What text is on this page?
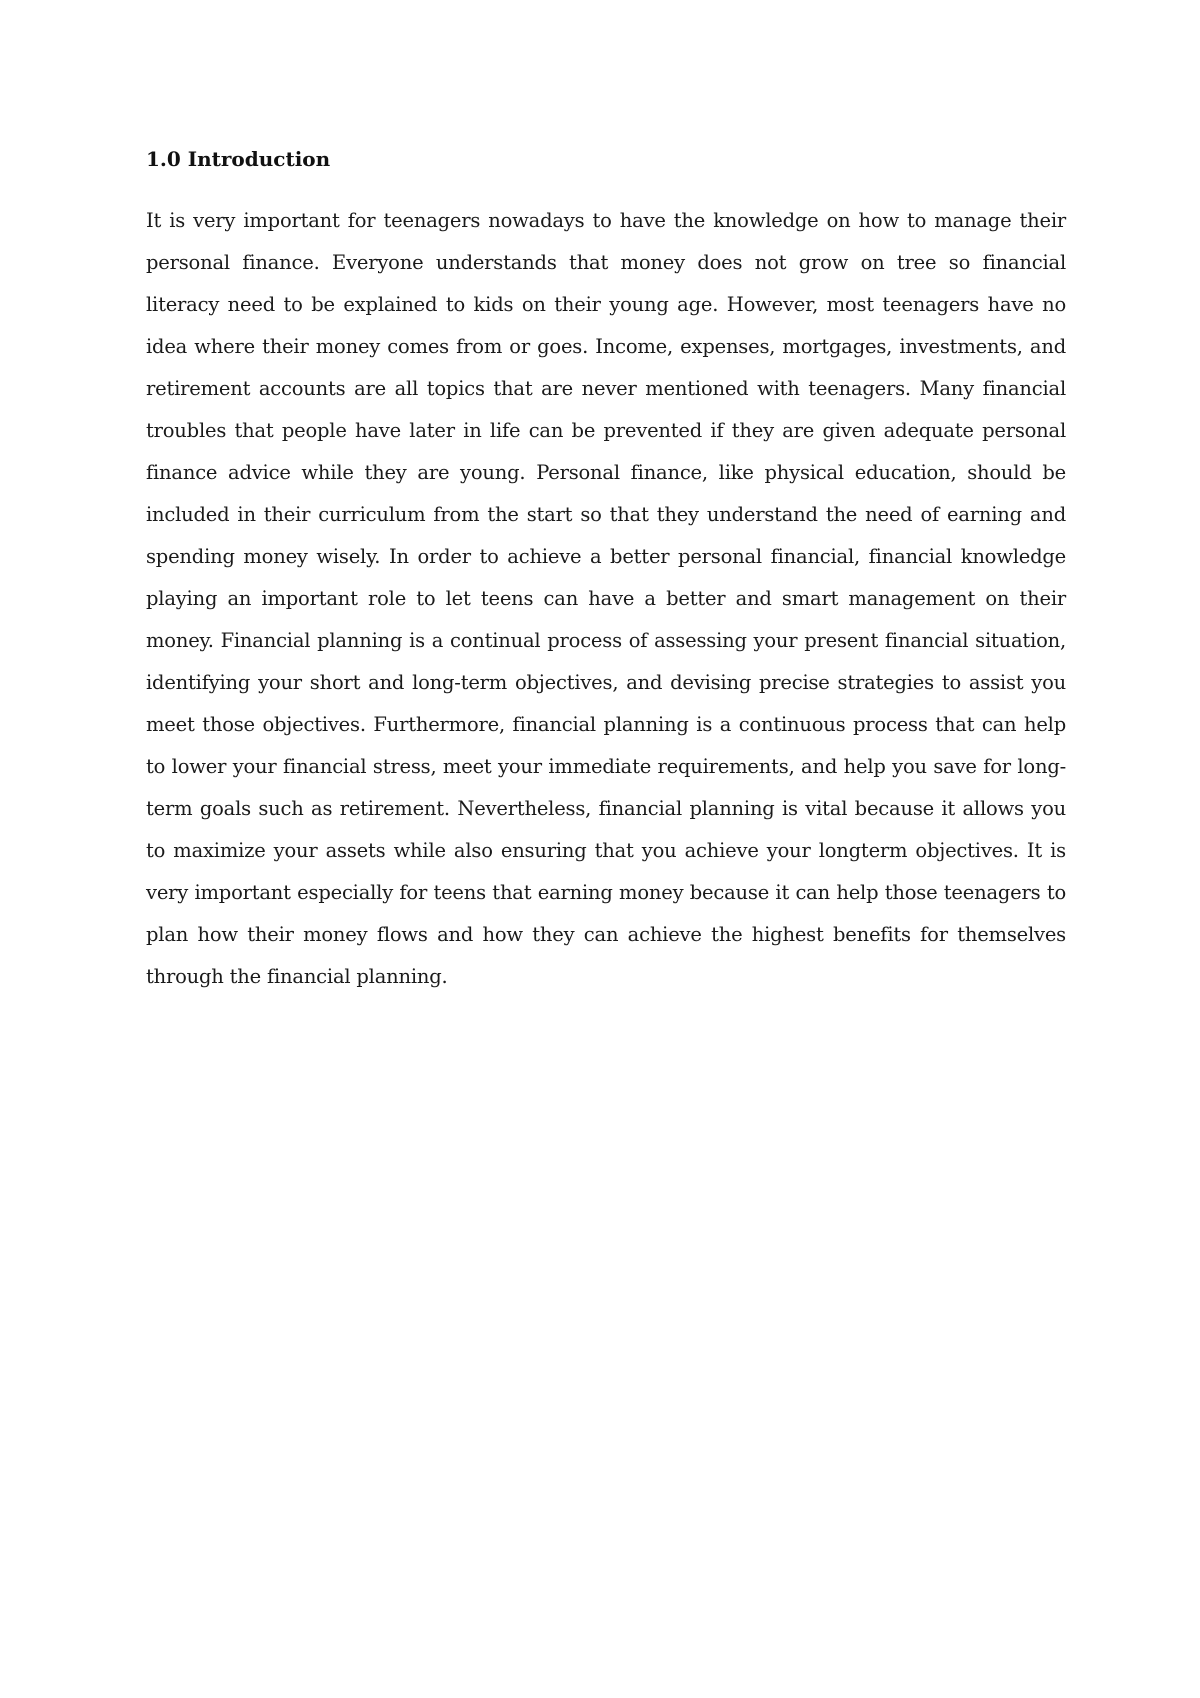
1.0 Introduction

It is very important for teenagers nowadays to have the knowledge on how to manage their personal finance. Everyone understands that money does not grow on tree so financial literacy need to be explained to kids on their young age. However, most teenagers have no idea where their money comes from or goes. Income, expenses, mortgages, investments, and retirement accounts are all topics that are never mentioned with teenagers. Many financial troubles that people have later in life can be prevented if they are given adequate personal finance advice while they are young. Personal finance, like physical education, should be included in their curriculum from the start so that they understand the need of earning and spending money wisely. In order to achieve a better personal financial, financial knowledge playing an important role to let teens can have a better and smart management on their money. Financial planning is a continual process of assessing your present financial situation, identifying your short and long-term objectives, and devising precise strategies to assist you meet those objectives. Furthermore, financial planning is a continuous process that can help to lower your financial stress, meet your immediate requirements, and help you save for long-term goals such as retirement. Nevertheless, financial planning is vital because it allows you to maximize your assets while also ensuring that you achieve your longterm objectives. It is very important especially for teens that earning money because it can help those teenagers to plan how their money flows and how they can achieve the highest benefits for themselves through the financial planning.
